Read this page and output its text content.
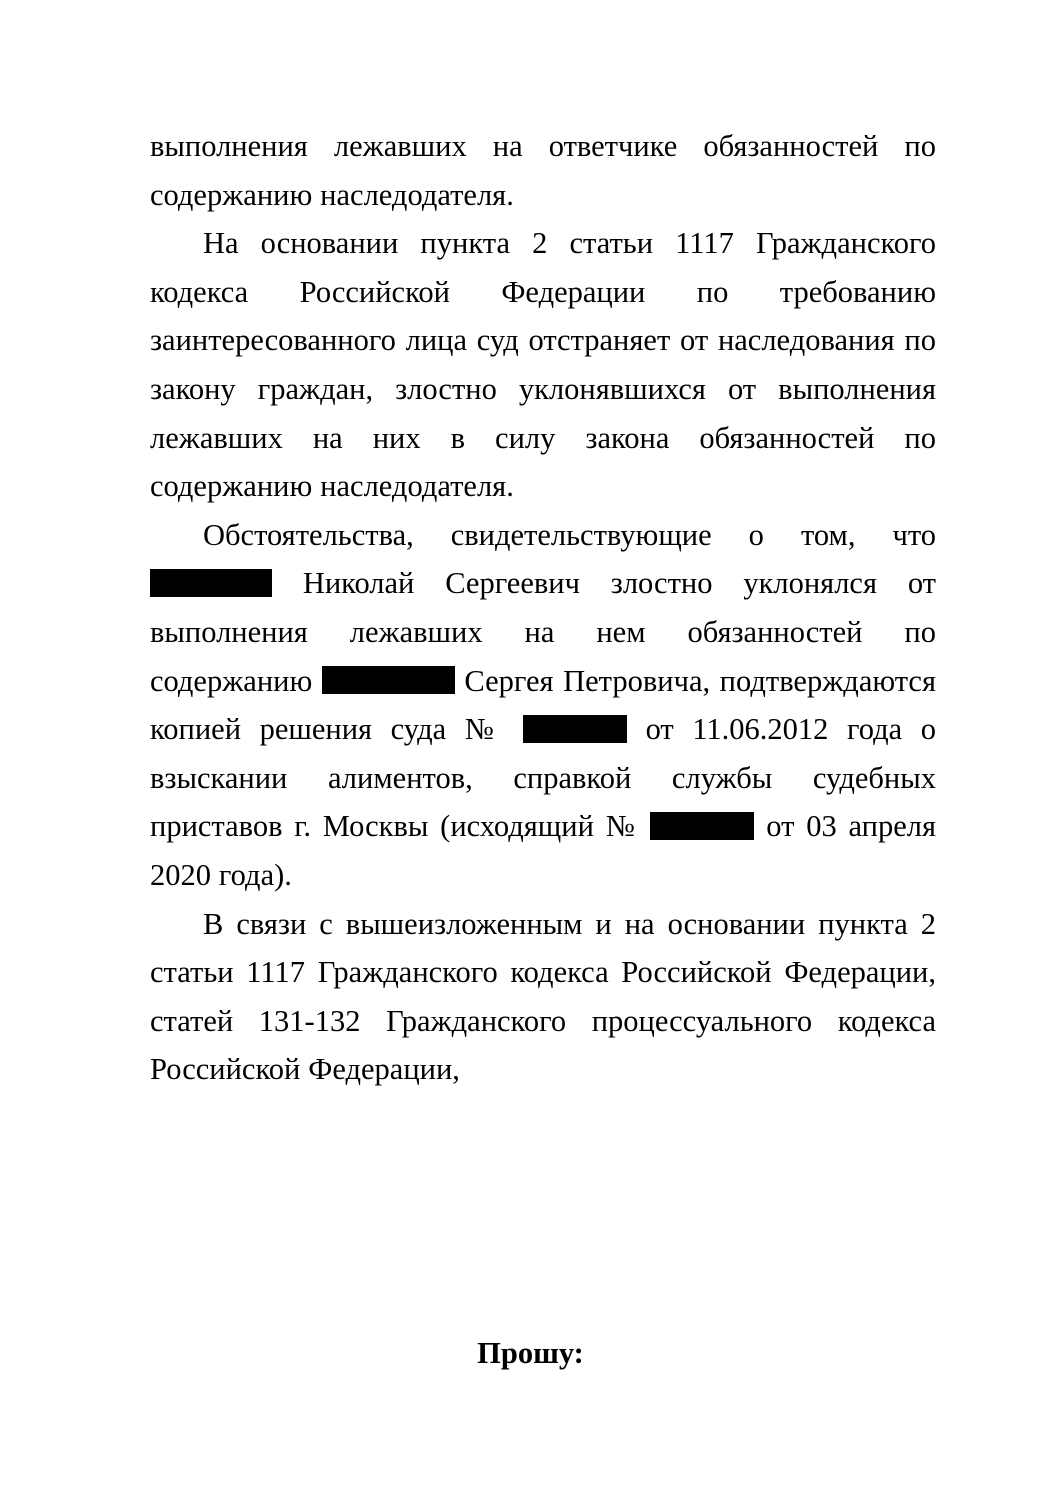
выполнения лежавших на ответчике обязанностей по содержанию наследодателя.

На основании пункта 2 статьи 1117 Гражданского кодекса Российской Федерации по требованию заинтересованного лица суд отстраняет от наследования по закону граждан, злостно уклонявшихся от выполнения лежавших на них в силу закона обязанностей по содержанию наследодателя.

Обстоятельства, свидетельствующие о том, что   Николай Сергеевич злостно уклонялся от выполнения лежавших на нем обязанностей по содержанию	Сергея Петровича, подтверждаются копией решения суда №	от 11.06.2012 года о взыскании алиментов, справкой службы судебных приставов г. Москвы (исходящий №	от 03 апреля 2020 года).

В связи с вышеизложенным и на основании пункта 2 статьи 1117 Гражданского кодекса Российской Федерации, статей 131-132 Гражданского процессуального кодекса Российской Федерации,

Прошу:
